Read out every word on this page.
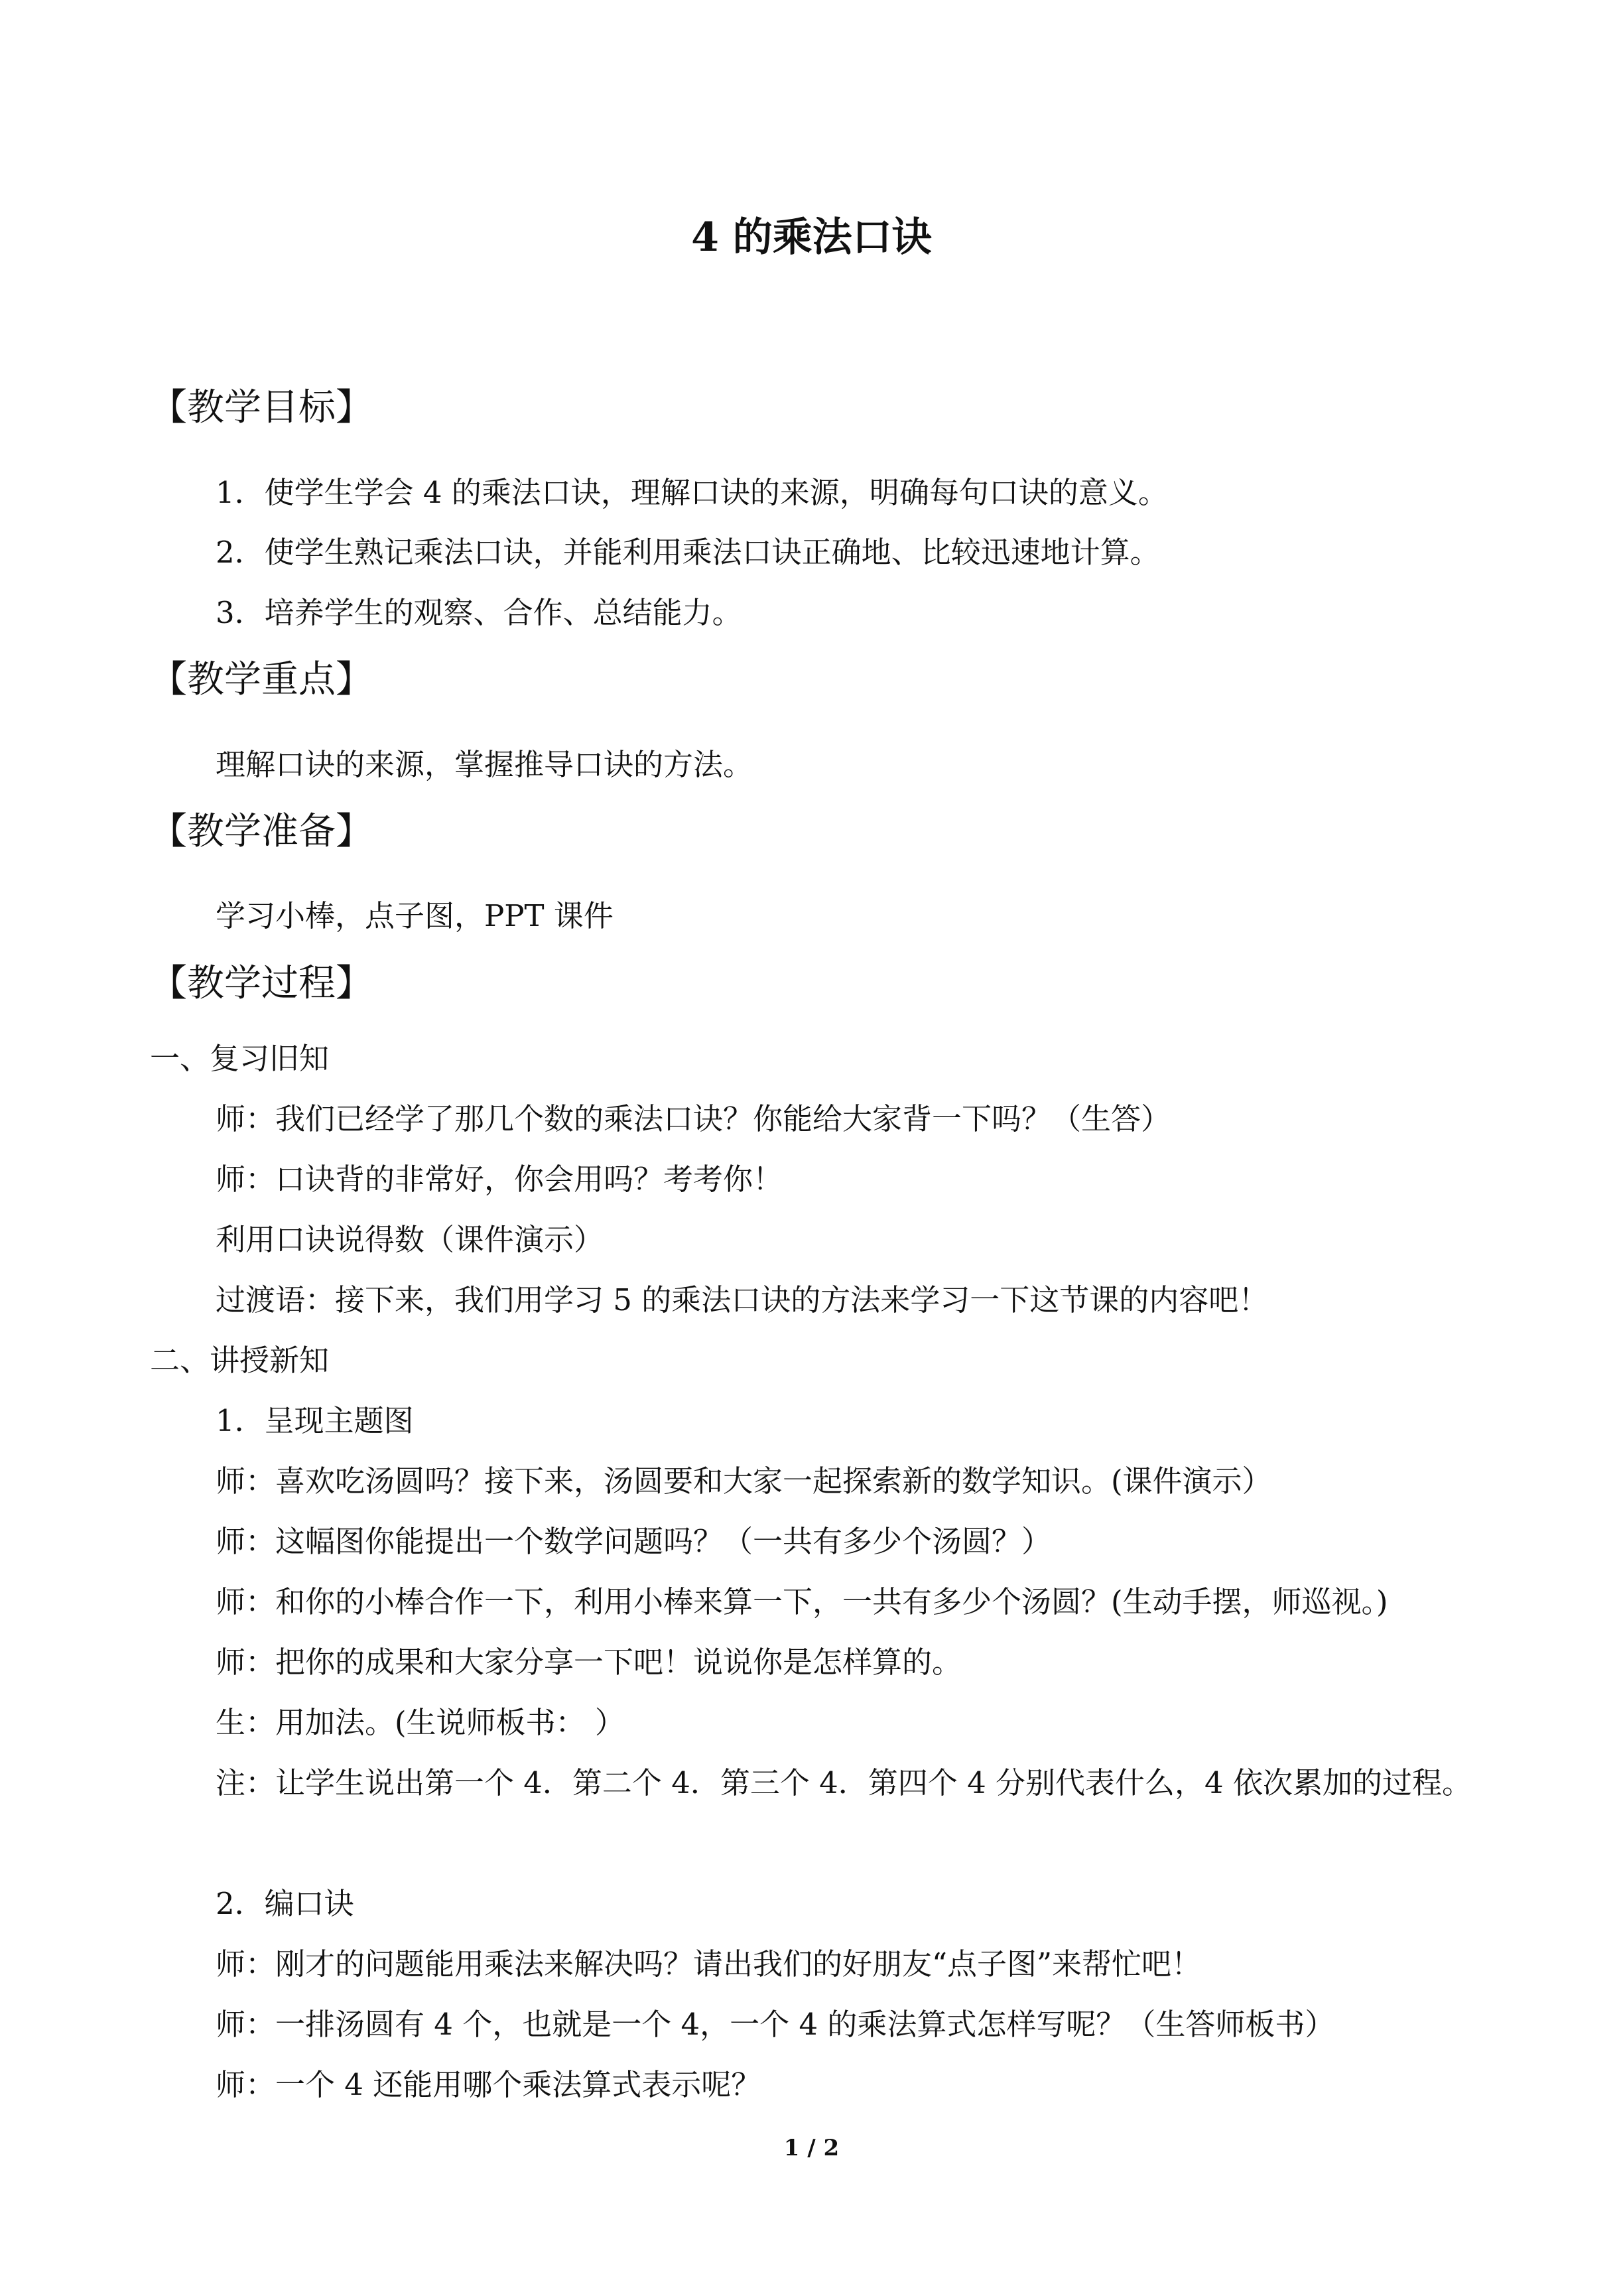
4 的乘法口诀
【教学目标】
1．使学生学会 4 的乘法口诀，理解口诀的来源，明确每句口诀的意义。
2．使学生熟记乘法口诀，并能利用乘法口诀正确地、比较迅速地计算。
3．培养学生的观察、合作、总结能力。
【教学重点】
理解口诀的来源，掌握推导口诀的方法。
【教学准备】
学习小棒，点子图，PPT 课件
【教学过程】
一、复习旧知
师：我们已经学了那几个数的乘法口诀？你能给大家背一下吗？（生答）
师：口诀背的非常好，你会用吗？考考你！
利用口诀说得数（课件演示）
过渡语：接下来，我们用学习 5 的乘法口诀的方法来学习一下这节课的内容吧！
二、讲授新知
1．呈现主题图
师：喜欢吃汤圆吗？接下来，汤圆要和大家一起探索新的数学知识。(课件演示）
师：这幅图你能提出一个数学问题吗？（一共有多少个汤圆？）
师：和你的小棒合作一下，利用小棒来算一下，一共有多少个汤圆？(生动手摆，师巡视。)
师：把你的成果和大家分享一下吧！说说你是怎样算的。
生：用加法。(生说师板书： ）
注：让学生说出第一个 4．第二个 4．第三个 4．第四个 4 分别代表什么，4 依次累加的过程。
2．编口诀
师：刚才的问题能用乘法来解决吗？请出我们的好朋友“点子图”来帮忙吧！
师：一排汤圆有 4 个，也就是一个 4，一个 4 的乘法算式怎样写呢？（生答师板书）
师：一个 4 还能用哪个乘法算式表示呢？
1 / 2
